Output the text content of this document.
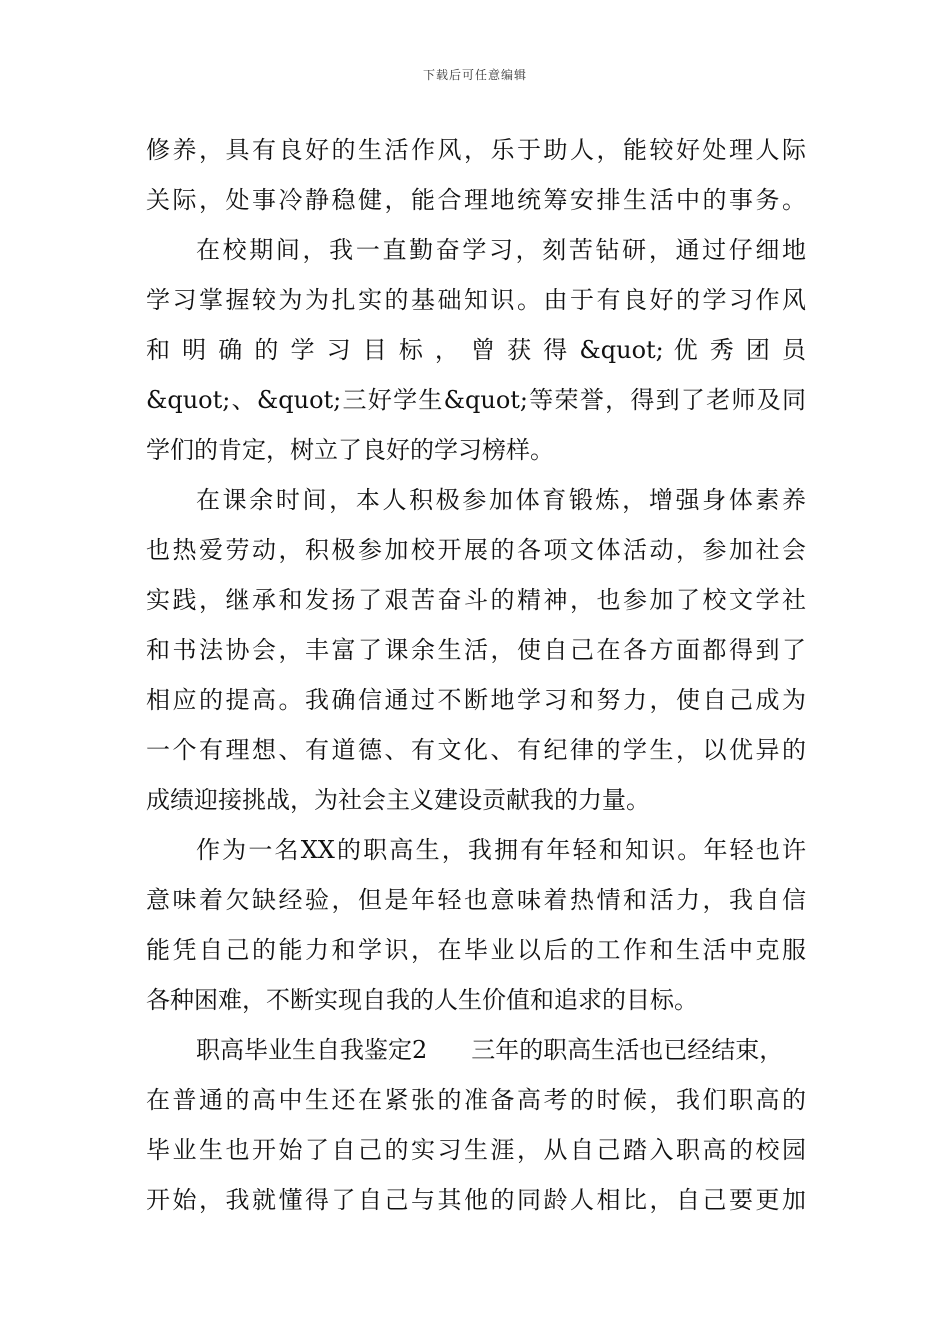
下载后可任意编辑
修养，具有良好的生活作风，乐于助人，能较好处理人际
关际，处事冷静稳健，能合理地统筹安排生活中的事务。
在校期间，我一直勤奋学习，刻苦钻研，通过仔细地
学习掌握较为为扎实的基础知识。由于有良好的学习作风
和 明 确 的 学 习 目 标 ， 曾 获 得 &quot; 优 秀 团 员
&quot;、&quot;三好学生&quot;等荣誉，得到了老师及同
学们的肯定，树立了良好的学习榜样。
在课余时间，本人积极参加体育锻炼，增强身体素养
也热爱劳动，积极参加校开展的各项文体活动，参加社会
实践，继承和发扬了艰苦奋斗的精神，也参加了校文学社
和书法协会，丰富了课余生活，使自己在各方面都得到了
相应的提高。我确信通过不断地学习和努力，使自己成为
一个有理想、有道德、有文化、有纪律的学生，以优异的
成绩迎接挑战，为社会主义建设贡献我的力量。
作为一名XX的职高生，我拥有年轻和知识。年轻也许
意味着欠缺经验，但是年轻也意味着热情和活力，我自信
能凭自己的能力和学识，在毕业以后的工作和生活中克服
各种困难，不断实现自我的人生价值和追求的目标。
职高毕业生自我鉴定2 三年的职高生活也已经结束，
在普通的高中生还在紧张的准备高考的时候，我们职高的
毕业生也开始了自己的实习生涯，从自己踏入职高的校园
开始，我就懂得了自己与其他的同龄人相比，自己要更加
